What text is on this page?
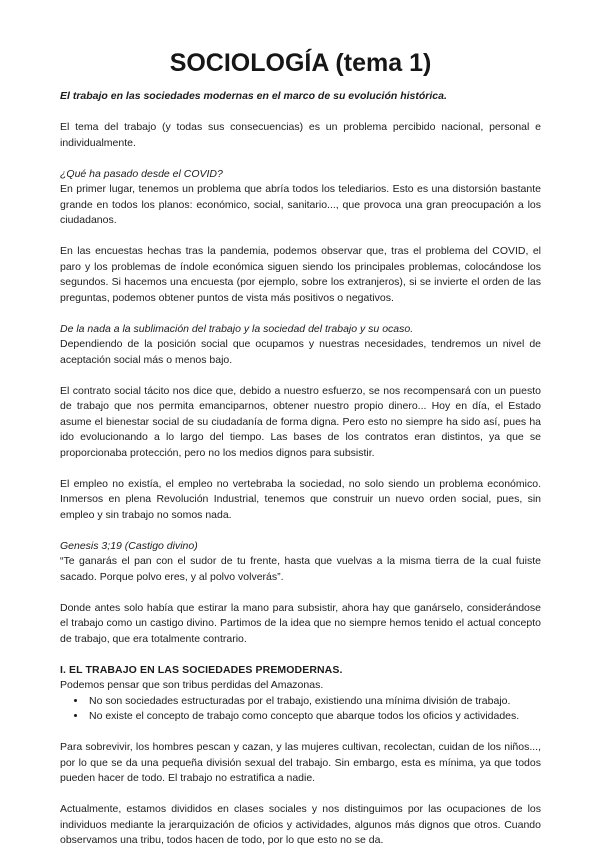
SOCIOLOGÍA (tema 1)
El trabajo en las sociedades modernas en el marco de su evolución histórica.

El tema del trabajo (y todas sus consecuencias) es un problema percibido nacional, personal e individualmente.

¿Qué ha pasado desde el COVID?

En primer lugar, tenemos un problema que abría todos los telediarios. Esto es una distorsión bastante grande en todos los planos: económico, social, sanitario..., que provoca una gran preocupación a los ciudadanos.

En las encuestas hechas tras la pandemia, podemos observar que, tras el problema del COVID, el paro y los problemas de índole económica siguen siendo los principales problemas, colocándose los segundos. Si hacemos una encuesta (por ejemplo, sobre los extranjeros), si se invierte el orden de las preguntas, podemos obtener puntos de vista más positivos o negativos.

De la nada a la sublimación del trabajo y la sociedad del trabajo y su ocaso.

Dependiendo de la posición social que ocupamos y nuestras necesidades, tendremos un nivel de aceptación social más o menos bajo.

El contrato social tácito nos dice que, debido a nuestro esfuerzo, se nos recompensará con un puesto de trabajo que nos permita emanciparnos, obtener nuestro propio dinero... Hoy en día, el Estado asume el bienestar social de su ciudadanía de forma digna. Pero esto no siempre ha sido así, pues ha ido evolucionando a lo largo del tiempo. Las bases de los contratos eran distintos, ya que se proporcionaba protección, pero no los medios dignos para subsistir.

El empleo no existía, el empleo no vertebraba la sociedad, no solo siendo un problema económico. Inmersos en plena Revolución Industrial, tenemos que construir un nuevo orden social, pues, sin empleo y sin trabajo no somos nada.

Genesis 3;19 (Castigo divino)

“Te ganarás el pan con el sudor de tu frente, hasta que vuelvas a la misma tierra de la cual fuiste sacado. Porque polvo eres, y al polvo volverás”.

Donde antes solo había que estirar la mano para subsistir, ahora hay que ganárselo, considerándose el trabajo como un castigo divino. Partimos de la idea que no siempre hemos tenido el actual concepto de trabajo, que era totalmente contrario.

I. EL TRABAJO EN LAS SOCIEDADES PREMODERNAS.

Podemos pensar que son tribus perdidas del Amazonas.

• No son sociedades estructuradas por el trabajo, existiendo una mínima división de trabajo.
• No existe el concepto de trabajo como concepto que abarque todos los oficios y actividades.

Para sobrevivir, los hombres pescan y cazan, y las mujeres cultivan, recolectan, cuidan de los niños..., por lo que se da una pequeña división sexual del trabajo. Sin embargo, esta es mínima, ya que todos pueden hacer de todo. El trabajo no estratifica a nadie.

Actualmente, estamos divididos en clases sociales y nos distinguimos por las ocupaciones de los individuos mediante la jerarquización de oficios y actividades, algunos más dignos que otros. Cuando observamos una tribu, todos hacen de todo, por lo que esto no se da.
